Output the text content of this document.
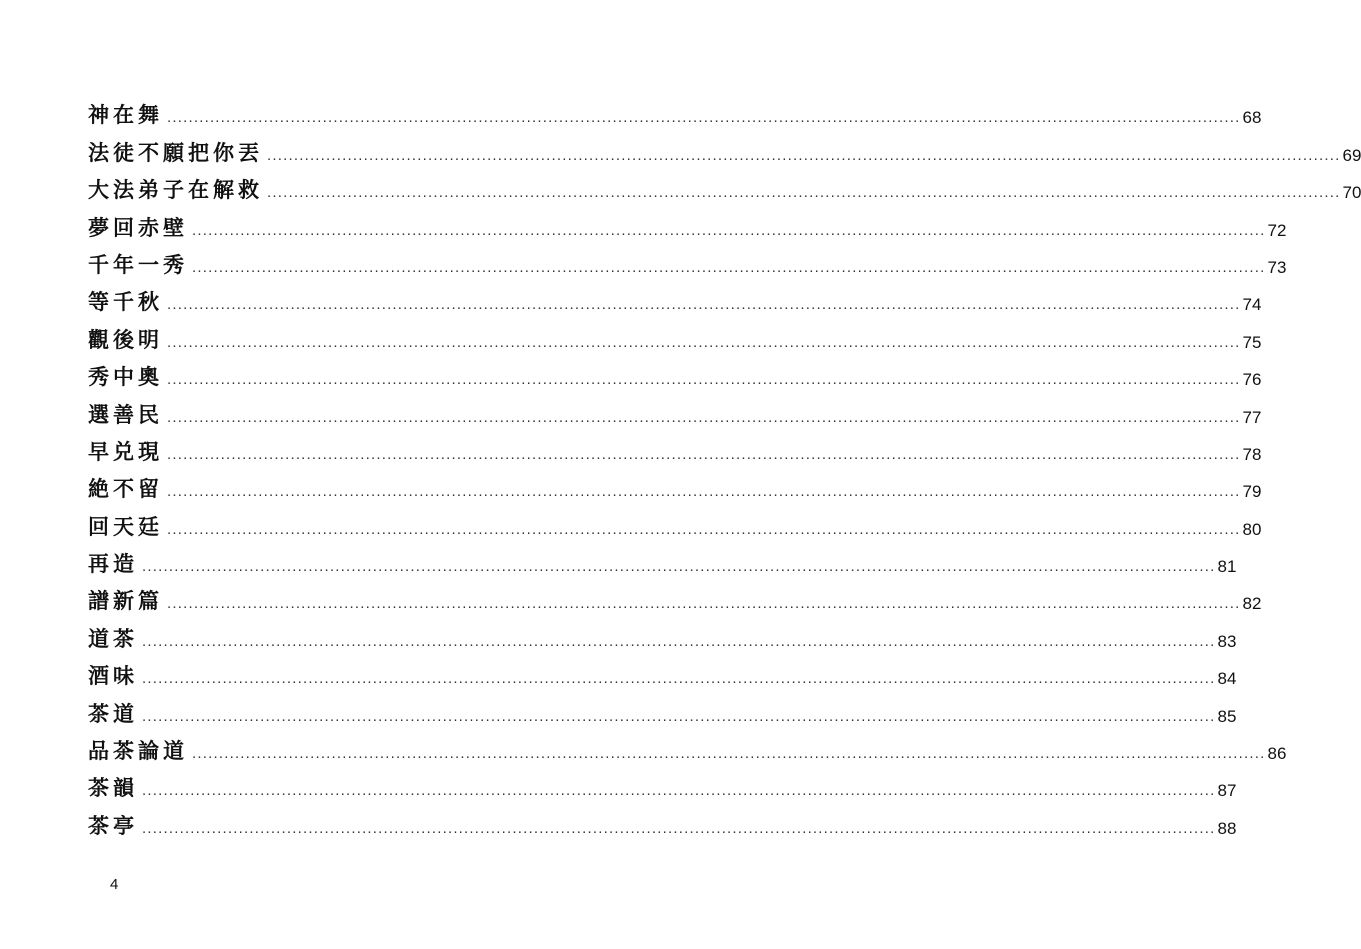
神在舞 ........................................................................................................................................................................................................ 68
法徒不願把你丟 ........................................................................................................................................................................................................ 69
大法弟子在解救 ........................................................................................................................................................................................................ 70
夢回赤壁 ........................................................................................................................................................................................................ 72
千年一秀 ........................................................................................................................................................................................................ 73
等千秋 ........................................................................................................................................................................................................ 74
觀後明 ........................................................................................................................................................................................................ 75
秀中奧 ........................................................................................................................................................................................................ 76
選善民 ........................................................................................................................................................................................................ 77
早兑現 ........................................................................................................................................................................................................ 78
絶不留 ........................................................................................................................................................................................................ 79
回天廷 ........................................................................................................................................................................................................ 80
再造 ........................................................................................................................................................................................................ 81
譜新篇 ........................................................................................................................................................................................................ 82
道茶 ........................................................................................................................................................................................................ 83
酒味 ........................................................................................................................................................................................................ 84
茶道 ........................................................................................................................................................................................................ 85
品茶論道 ........................................................................................................................................................................................................ 86
茶韻 ........................................................................................................................................................................................................ 87
茶亭 ........................................................................................................................................................................................................ 88
4
